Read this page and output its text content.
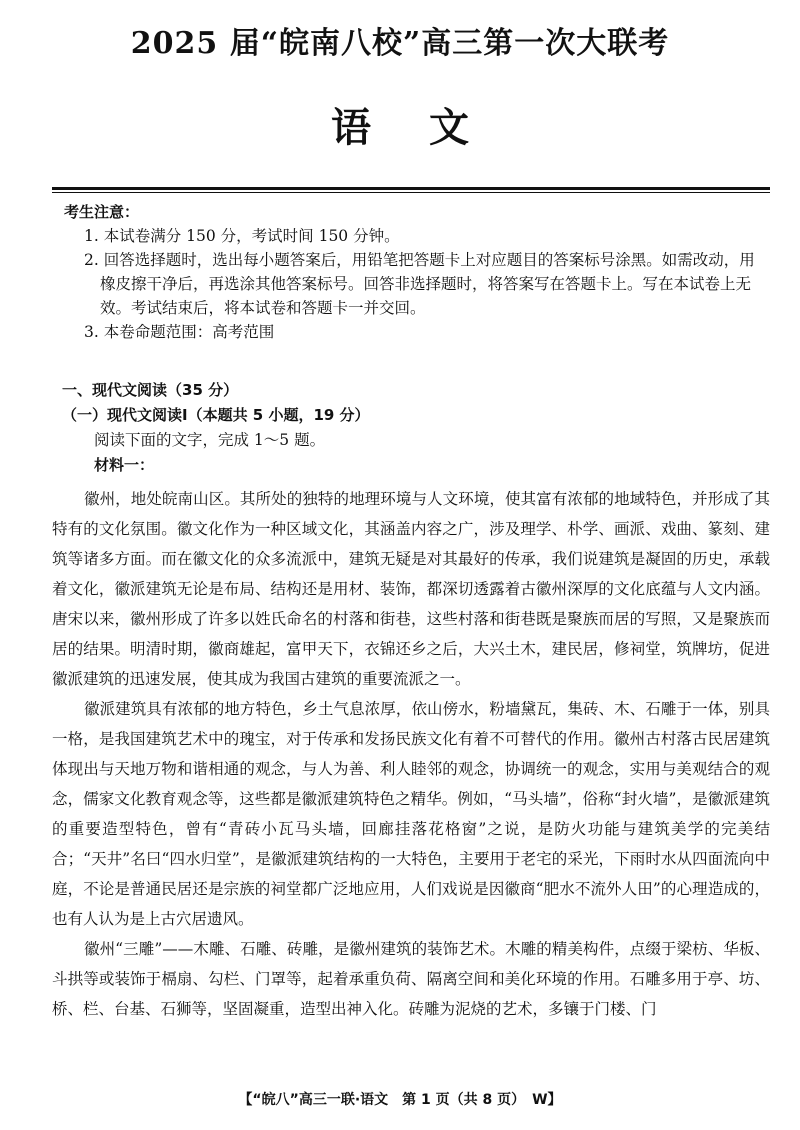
2025 届“皖南八校”高三第一次大联考
语文
考生注意：
1. 本试卷满分 150 分，考试时间 150 分钟。
2. 回答选择题时，选出每小题答案后，用铅笔把答题卡上对应题目的答案标号涂黑。如需改动，用橡皮擦干净后，再选涂其他答案标号。回答非选择题时，将答案写在答题卡上。写在本试卷上无效。考试结束后，将本试卷和答题卡一并交回。
3. 本卷命题范围：高考范围
一、现代文阅读（35 分）
（一）现代文阅读Ⅰ（本题共 5 小题，19 分）
阅读下面的文字，完成 1～5 题。
材料一：

徽州，地处皖南山区。其所处的独特的地理环境与人文环境，使其富有浓郁的地域特色，并形成了其特有的文化氛围。徽文化作为一种区域文化，其涵盖内容之广，涉及理学、朴学、画派、戏曲、篆刻、建筑等诸多方面。而在徽文化的众多流派中，建筑无疑是对其最好的传承，我们说建筑是凝固的历史，承载着文化，徽派建筑无论是布局、结构还是用材、装饰，都深切透露着古徽州深厚的文化底蕴与人文内涵。唐宋以来，徽州形成了许多以姓氏命名的村落和街巷，这些村落和街巷既是聚族而居的写照，又是聚族而居的结果。明清时期，徽商雄起，富甲天下，衣锦还乡之后，大兴土木，建民居，修祠堂，筑牌坊，促进徽派建筑的迅速发展，使其成为我国古建筑的重要流派之一。

徽派建筑具有浓郁的地方特色，乡土气息浓厚，依山傍水，粉墙黛瓦，集砖、木、石雕于一体，别具一格，是我国建筑艺术中的瑰宝，对于传承和发扬民族文化有着不可替代的作用。徽州古村落古民居建筑体现出与天地万物和谐相通的观念，与人为善、利人睦邻的观念，协调统一的观念，实用与美观结合的观念，儒家文化教育观念等，这些都是徽派建筑特色之精华。例如，“马头墙”，俗称“封火墙”，是徽派建筑的重要造型特色，曾有“青砖小瓦马头墙，回廊挂落花格窗”之说，是防火功能与建筑美学的完美结合；“天井”名曰“四水归堂”，是徽派建筑结构的一大特色，主要用于老宅的采光，下雨时水从四面流向中庭，不论是普通民居还是宗族的祠堂都广泛地应用，人们戏说是因徽商“肥水不流外人田”的心理造成的，也有人认为是上古穴居遗风。

徽州“三雕”——木雕、石雕、砖雕，是徽州建筑的装饰艺术。木雕的精美构件，点缀于梁枋、华板、斗拱等或装饰于槅扇、勾栏、门罩等，起着承重负荷、隔离空间和美化环境的作用。石雕多用于亭、坊、桥、栏、台基、石狮等，坚固凝重，造型出神入化。砖雕为泥烧的艺术，多镶于门楼、门

【“皖八”高三一联·语文　第 1 页（共 8 页）　W】
